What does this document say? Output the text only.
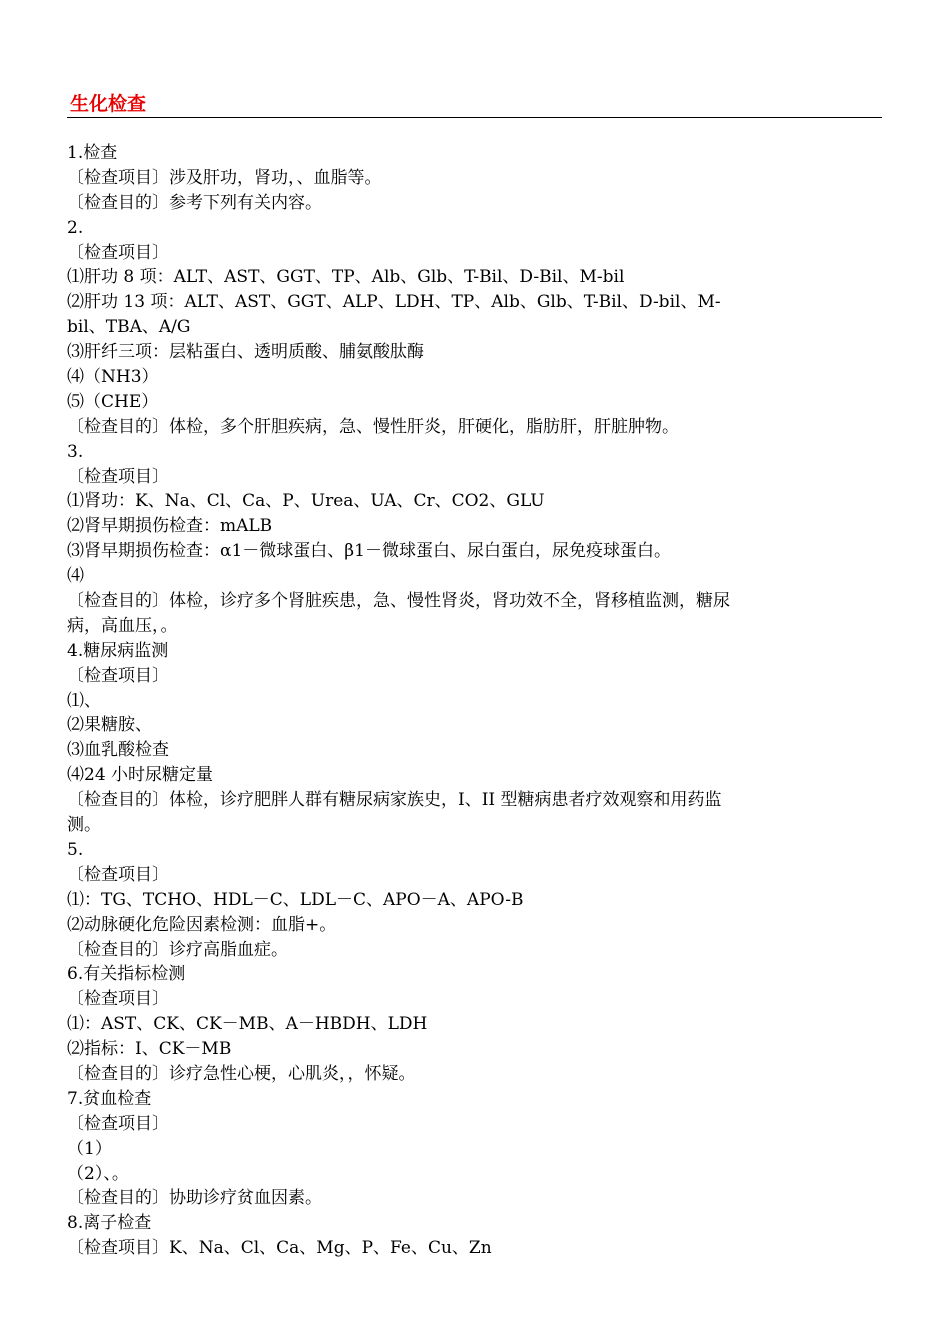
生化检查
1.检查
〔检查项目〕涉及肝功，肾功，、血脂等。
〔检查目的〕参考下列有关内容。
2.
〔检查项目〕
⑴肝功 8 项：ALT、AST、GGT、TP、Alb、Glb、T-Bil、D-Bil、M-bil
⑵肝功 13 项：ALT、AST、GGT、ALP、LDH、TP、Alb、Glb、T-Bil、D-bil、M-
bil、TBA、A/G
⑶肝纤三项：层粘蛋白、透明质酸、脯氨酸肽酶
⑷（NH3）
⑸（CHE）
〔检查目的〕体检，多个肝胆疾病，急、慢性肝炎，肝硬化，脂肪肝，肝脏肿物。
3.
〔检查项目〕
⑴肾功：K、Na、Cl、Ca、P、Urea、UA、Cr、CO2、GLU
⑵肾早期损伤检查：mALB
⑶肾早期损伤检查：α1－微球蛋白、β1－微球蛋白、尿白蛋白，尿免疫球蛋白。
⑷
〔检查目的〕体检，诊疗多个肾脏疾患，急、慢性肾炎，肾功效不全，肾移植监测，糖尿
病，高血压，。
4.糖尿病监测
〔检查项目〕
⑴、
⑵果糖胺、
⑶血乳酸检查
⑷24 小时尿糖定量
〔检查目的〕体检，诊疗肥胖人群有糖尿病家族史，I、II 型糖病患者疗效观察和用药监
测。
5.
〔检查项目〕
⑴：TG、TCHO、HDL－C、LDL－C、APO－A、APO-B
⑵动脉硬化危险因素检测：血脂+。
〔检查目的〕诊疗高脂血症。
6.有关指标检测
〔检查项目〕
⑴：AST、CK、CK－MB、A－HBDH、LDH
⑵指标：I、CK－MB
〔检查目的〕诊疗急性心梗，心肌炎，，怀疑。
7.贫血检查
〔检查项目〕
（1）
（2）、。
〔检查目的〕协助诊疗贫血因素。
8.离子检查
〔检查项目〕K、Na、Cl、Ca、Mg、P、Fe、Cu、Zn
